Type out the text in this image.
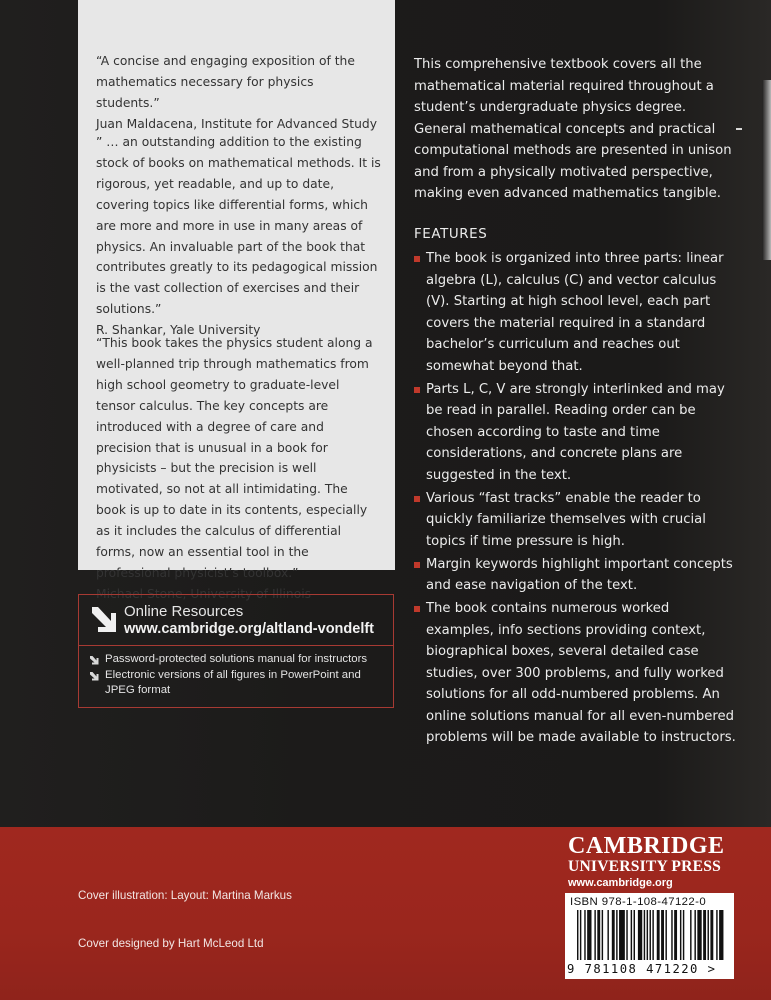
“A concise and engaging exposition of the mathematics necessary for physics students.”
Juan Maldacena, Institute for Advanced Study
” … an outstanding addition to the existing stock of books on mathematical methods. It is rigorous, yet readable, and up to date, covering topics like differential forms, which are more and more in use in many areas of physics. An invaluable part of the book that contributes greatly to its pedagogical mission is the vast collection of exercises and their solutions.”
R. Shankar, Yale University
“This book takes the physics student along a well-planned trip through mathematics from high school geometry to graduate-level tensor calculus. The key concepts are introduced with a degree of care and precision that is unusual in a book for physicists – but the precision is well motivated, so not at all intimidating. The book is up to date in its contents, especially as it includes the calculus of differential forms, now an essential tool in the professional physicist’s toolbox.”
Michael Stone, University of Illinois
Online Resources
www.cambridge.org/altland-vondelft
Password-protected solutions manual for instructors
Electronic versions of all figures in PowerPoint and JPEG format
This comprehensive textbook covers all the mathematical material required throughout a student’s undergraduate physics degree. General mathematical concepts and practical computational methods are presented in unison and from a physically motivated perspective, making even advanced mathematics tangible.
FEATURES
The book is organized into three parts: linear algebra (L), calculus (C) and vector calculus (V). Starting at high school level, each part covers the material required in a standard bachelor’s curriculum and reaches out somewhat beyond that.
Parts L, C, V are strongly interlinked and may be read in parallel. Reading order can be chosen according to taste and time considerations, and concrete plans are suggested in the text.
Various “fast tracks” enable the reader to quickly familiarize themselves with crucial topics if time pressure is high.
Margin keywords highlight important concepts and ease navigation of the text.
The book contains numerous worked examples, info sections providing context, biographical boxes, several detailed case studies, over 300 problems, and fully worked solutions for all odd-numbered problems. An online solutions manual for all even-numbered problems will be made available to instructors.
Cover illustration: Layout: Martina Markus
Cover designed by Hart McLeod Ltd
CAMBRIDGE
UNIVERSITY PRESS
www.cambridge.org
ISBN 978-1-108-47122-0
9 781108 471220 >
